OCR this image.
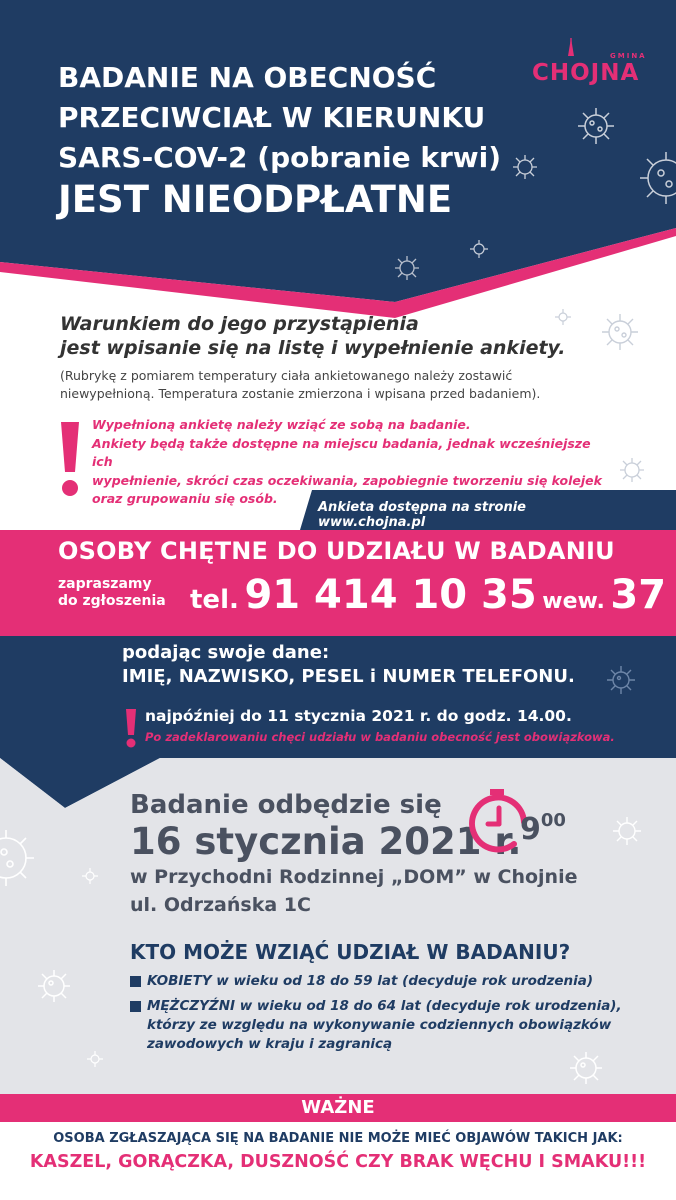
BADANIE NA OBECNOŚĆ
PRZECIWCIAŁ W KIERUNKU
SARS-COV-2 (pobranie krwi)
JEST NIEODPŁATNE
GMINA
CHOJNA
Warunkiem do jego przystąpienia
jest wpisanie się na listę i wypełnienie ankiety.
(Rubrykę z pomiarem temperatury ciała ankietowanego należy zostawić
niewypełnioną. Temperatura zostanie zmierzona i wpisana przed badaniem).
Wypełnioną ankietę należy wziąć ze sobą na badanie.
Ankiety będą także dostępne na miejscu badania, jednak wcześniejsze ich
wypełnienie, skróci czas oczekiwania, zapobiegnie tworzeniu się kolejek
oraz grupowaniu się osób.
Ankieta dostępna na stronie www.chojna.pl
OSOBY CHĘTNE DO UDZIAŁU W BADANIU
zapraszamy
do zgłoszenia tel. 91 414 10 35 wew. 37
podając swoje dane:
IMIĘ, NAZWISKO, PESEL i NUMER TELEFONU.
najpóźniej do 11 stycznia 2021 r. do godz. 14.00.
Po zadeklarowaniu chęci udziału w badaniu obecność jest obowiązkowa.
Badanie odbędzie się
16 stycznia 2021 r.
$9^{00}$
w Przychodni Rodzinnej „DOM” w Chojnie
ul. Odrzańska 1C
KTO MOŻE WZIĄĆ UDZIAŁ W BADANIU?
KOBIETY w wieku od 18 do 59 lat (decyduje rok urodzenia)
MĘŻCZYŹNI w wieku od 18 do 64 lat (decyduje rok urodzenia),
którzy ze względu na wykonywanie codziennych obowiązków
zawodowych w kraju i zagranicą
WAŻNE
OSOBA ZGŁASZAJĄCA SIĘ NA BADANIE NIE MOŻE MIEĆ OBJAWÓW TAKICH JAK:
KASZEL, GORĄCZKA, DUSZNOŚĆ CZY BRAK WĘCHU I SMAKU!!!
